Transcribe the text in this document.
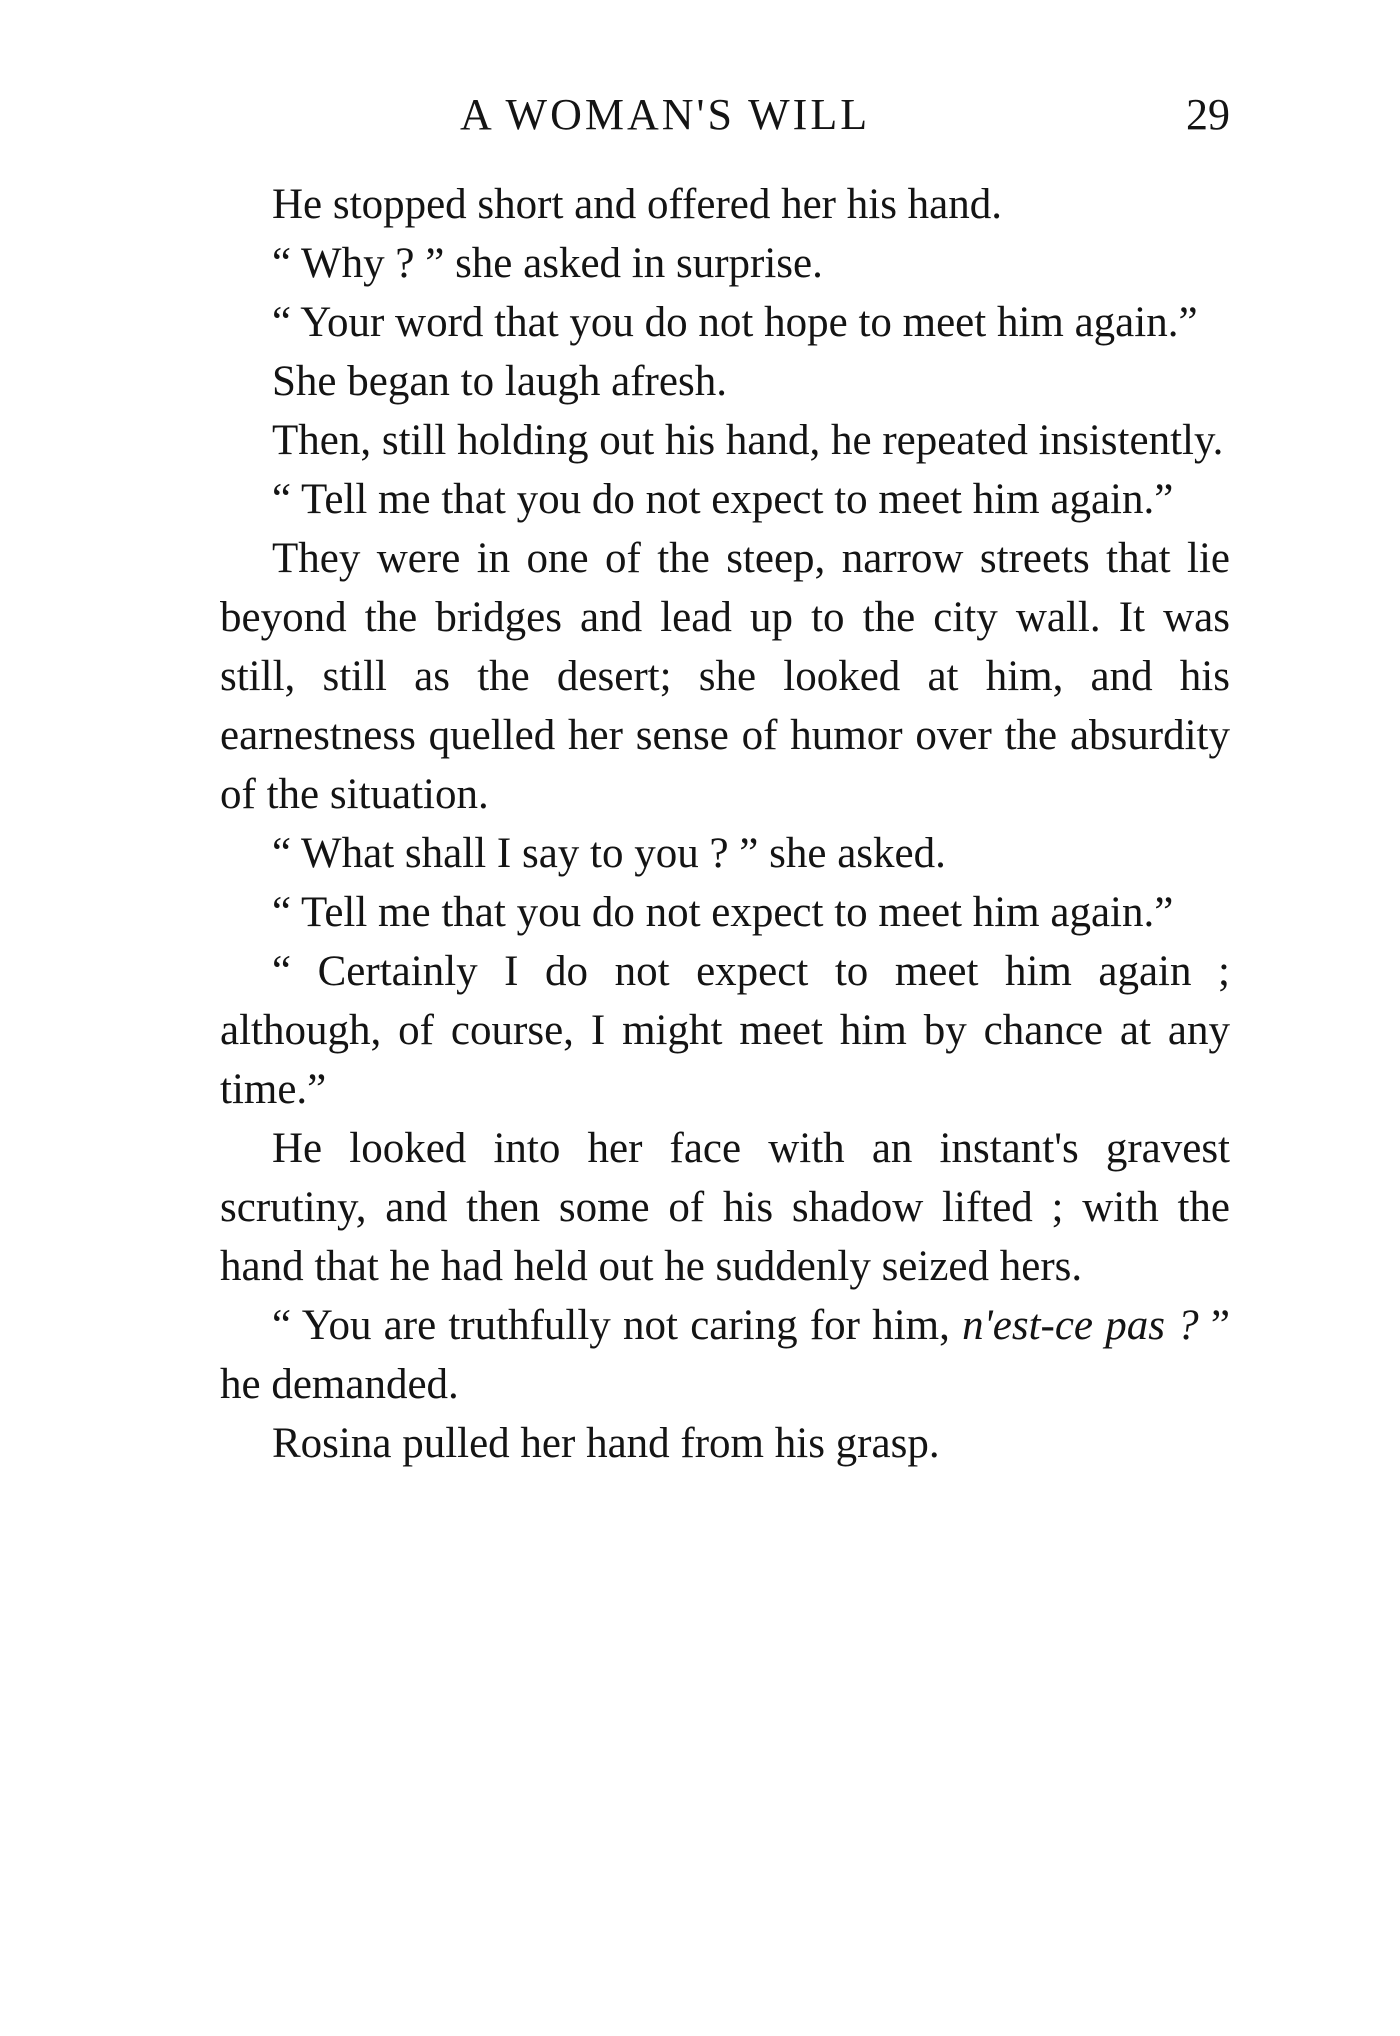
A WOMAN'S WILL	29

He stopped short and offered her his hand.

“ Why ? ” she asked in surprise.

“ Your word that you do not hope to meet him again.”

She began to laugh afresh.

Then, still holding out his hand, he repeated insistently.

“ Tell me that you do not expect to meet him again.”

They were in one of the steep, narrow streets that lie beyond the bridges and lead up to the city wall. It was still, still as the desert; she looked at him, and his earnestness quelled her sense of humor over the absurdity of the situation.

“ What shall I say to you ? ” she asked.

“ Tell me that you do not expect to meet him again.”

“ Certainly I do not expect to meet him again ; although, of course, I might meet him by chance at any time.”

He looked into her face with an instant's gravest scrutiny, and then some of his shadow lifted ; with the hand that he had held out he suddenly seized hers.

“ You are truthfully not caring for him, n'est-ce pas ? ” he demanded.

Rosina pulled her hand from his grasp.
